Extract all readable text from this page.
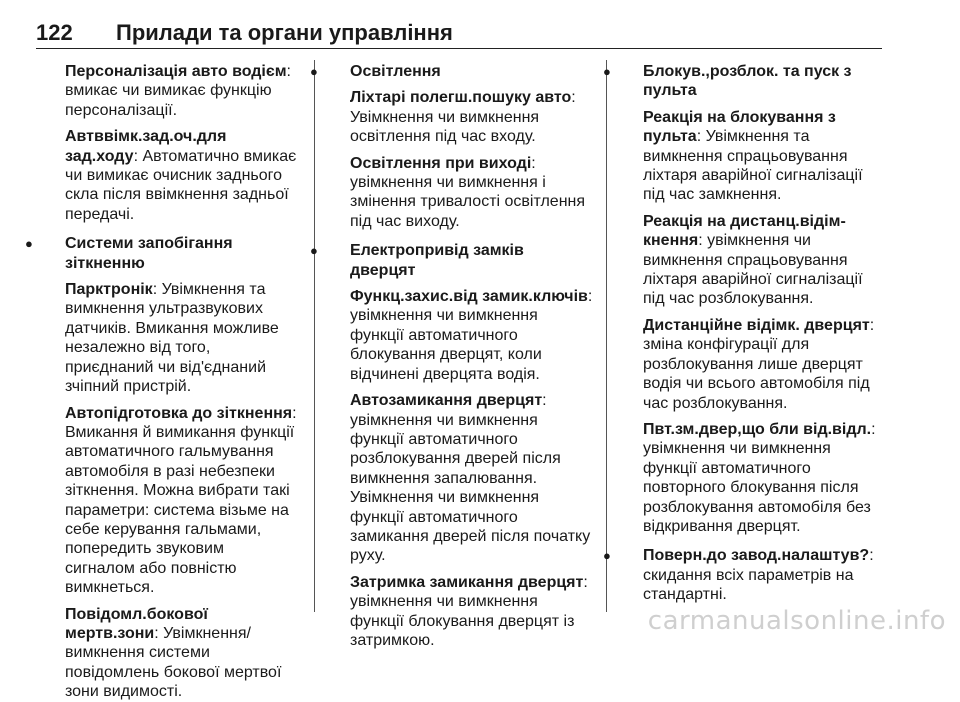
122 Прилади та органи управління
Персоналізація авто водієм: вмикає чи вимикає функцію персоналізації.
Автввімк.зад.оч.для зад.ходу: Автоматично вмикає чи вимикає очисник заднього скла після ввімкнення задньої передачі.
● Системи запобігання зіткненню
Парктронік: Увімкнення та вимкнення ультразвукових датчиків. Вмикання можливе незалежно від того, приєднаний чи від'єднаний зчіпний пристрій.
Автопідготовка до зіткнення: Вмикання й вимикання функції автоматичного гальмування автомобіля в разі небезпеки зіткнення. Можна вибрати такі параметри: система візьме на себе керування гальмами, попередить звуковим сигналом або повністю вимкнеться.
Повідомл.бокової мертв.зони: Увімкнення/вимкнення системи повідомлень бокової мертвої зони видимості.
● Освітлення
Ліхтарі полегш.пошуку авто: Увімкнення чи вимкнення освітлення під час входу.
Освітлення при виході: увімкнення чи вимкнення і змінення тривалості освітлення під час виходу.
● Електропривід замків дверцят
Функц.захис.від замик.ключів: увімкнення чи вимкнення функції автоматичного блокування дверцят, коли відчинені дверцята водія.
Автозамикання дверцят: увімкнення чи вимкнення функції автоматичного розблокування дверей після вимкнення запалювання. Увімкнення чи вимкнення функції автоматичного замикання дверей після початку руху.
Затримка замикання дверцят: увімкнення чи вимкнення функції блокування дверцят із затримкою.
● Блокув.,розблок. та пуск з пульта
Реакція на блокування з пульта: Увімкнення та вимкнення спрацьовування ліхтаря аварійної сигналізації під час замкнення.
Реакція на дистанц.відім-кнення: увімкнення чи вимкнення спрацьовування ліхтаря аварійної сигналізації під час розблокування.
Дистанційне відімк. дверцят: зміна конфігурації для розблокування лише дверцят водія чи всього автомобіля під час розблокування.
Пвт.зм.двер,що бли від.відл.: увімкнення чи вимкнення функції автоматичного повторного блокування після розблокування автомобіля без відкривання дверцят.
● Поверн.до завод.налаштув?: скидання всіх параметрів на стандартні.
carmanualsonline.info
